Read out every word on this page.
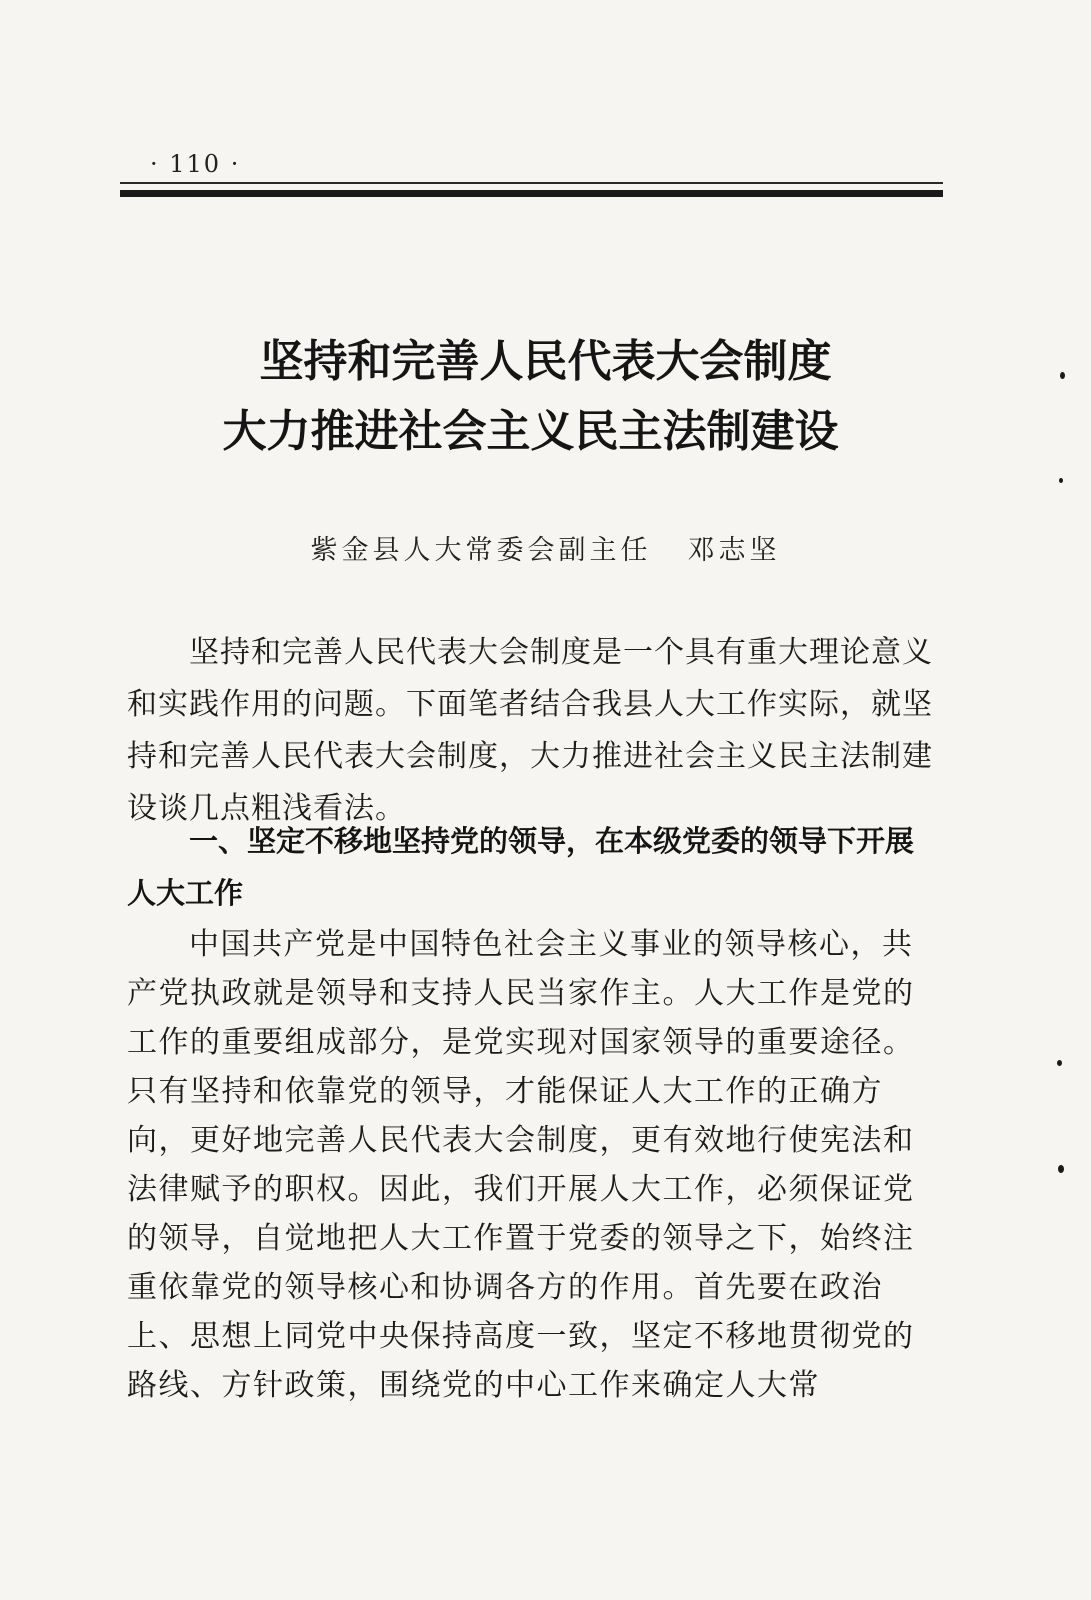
· 110 ·
坚持和完善人民代表大会制度
大力推进社会主义民主法制建设
紫金县人大常委会副主任 邓志坚
坚持和完善人民代表大会制度是一个具有重大理论意义和实践作用的问题。下面笔者结合我县人大工作实际，就坚持和完善人民代表大会制度，大力推进社会主义民主法制建设谈几点粗浅看法。
一、坚定不移地坚持党的领导，在本级党委的领导下开展人大工作
中国共产党是中国特色社会主义事业的领导核心，共产党执政就是领导和支持人民当家作主。人大工作是党的工作的重要组成部分，是党实现对国家领导的重要途径。只有坚持和依靠党的领导，才能保证人大工作的正确方向，更好地完善人民代表大会制度，更有效地行使宪法和法律赋予的职权。因此，我们开展人大工作，必须保证党的领导，自觉地把人大工作置于党委的领导之下，始终注重依靠党的领导核心和协调各方的作用。首先要在政治上、思想上同党中央保持高度一致，坚定不移地贯彻党的路线、方针政策，围绕党的中心工作来确定人大常
